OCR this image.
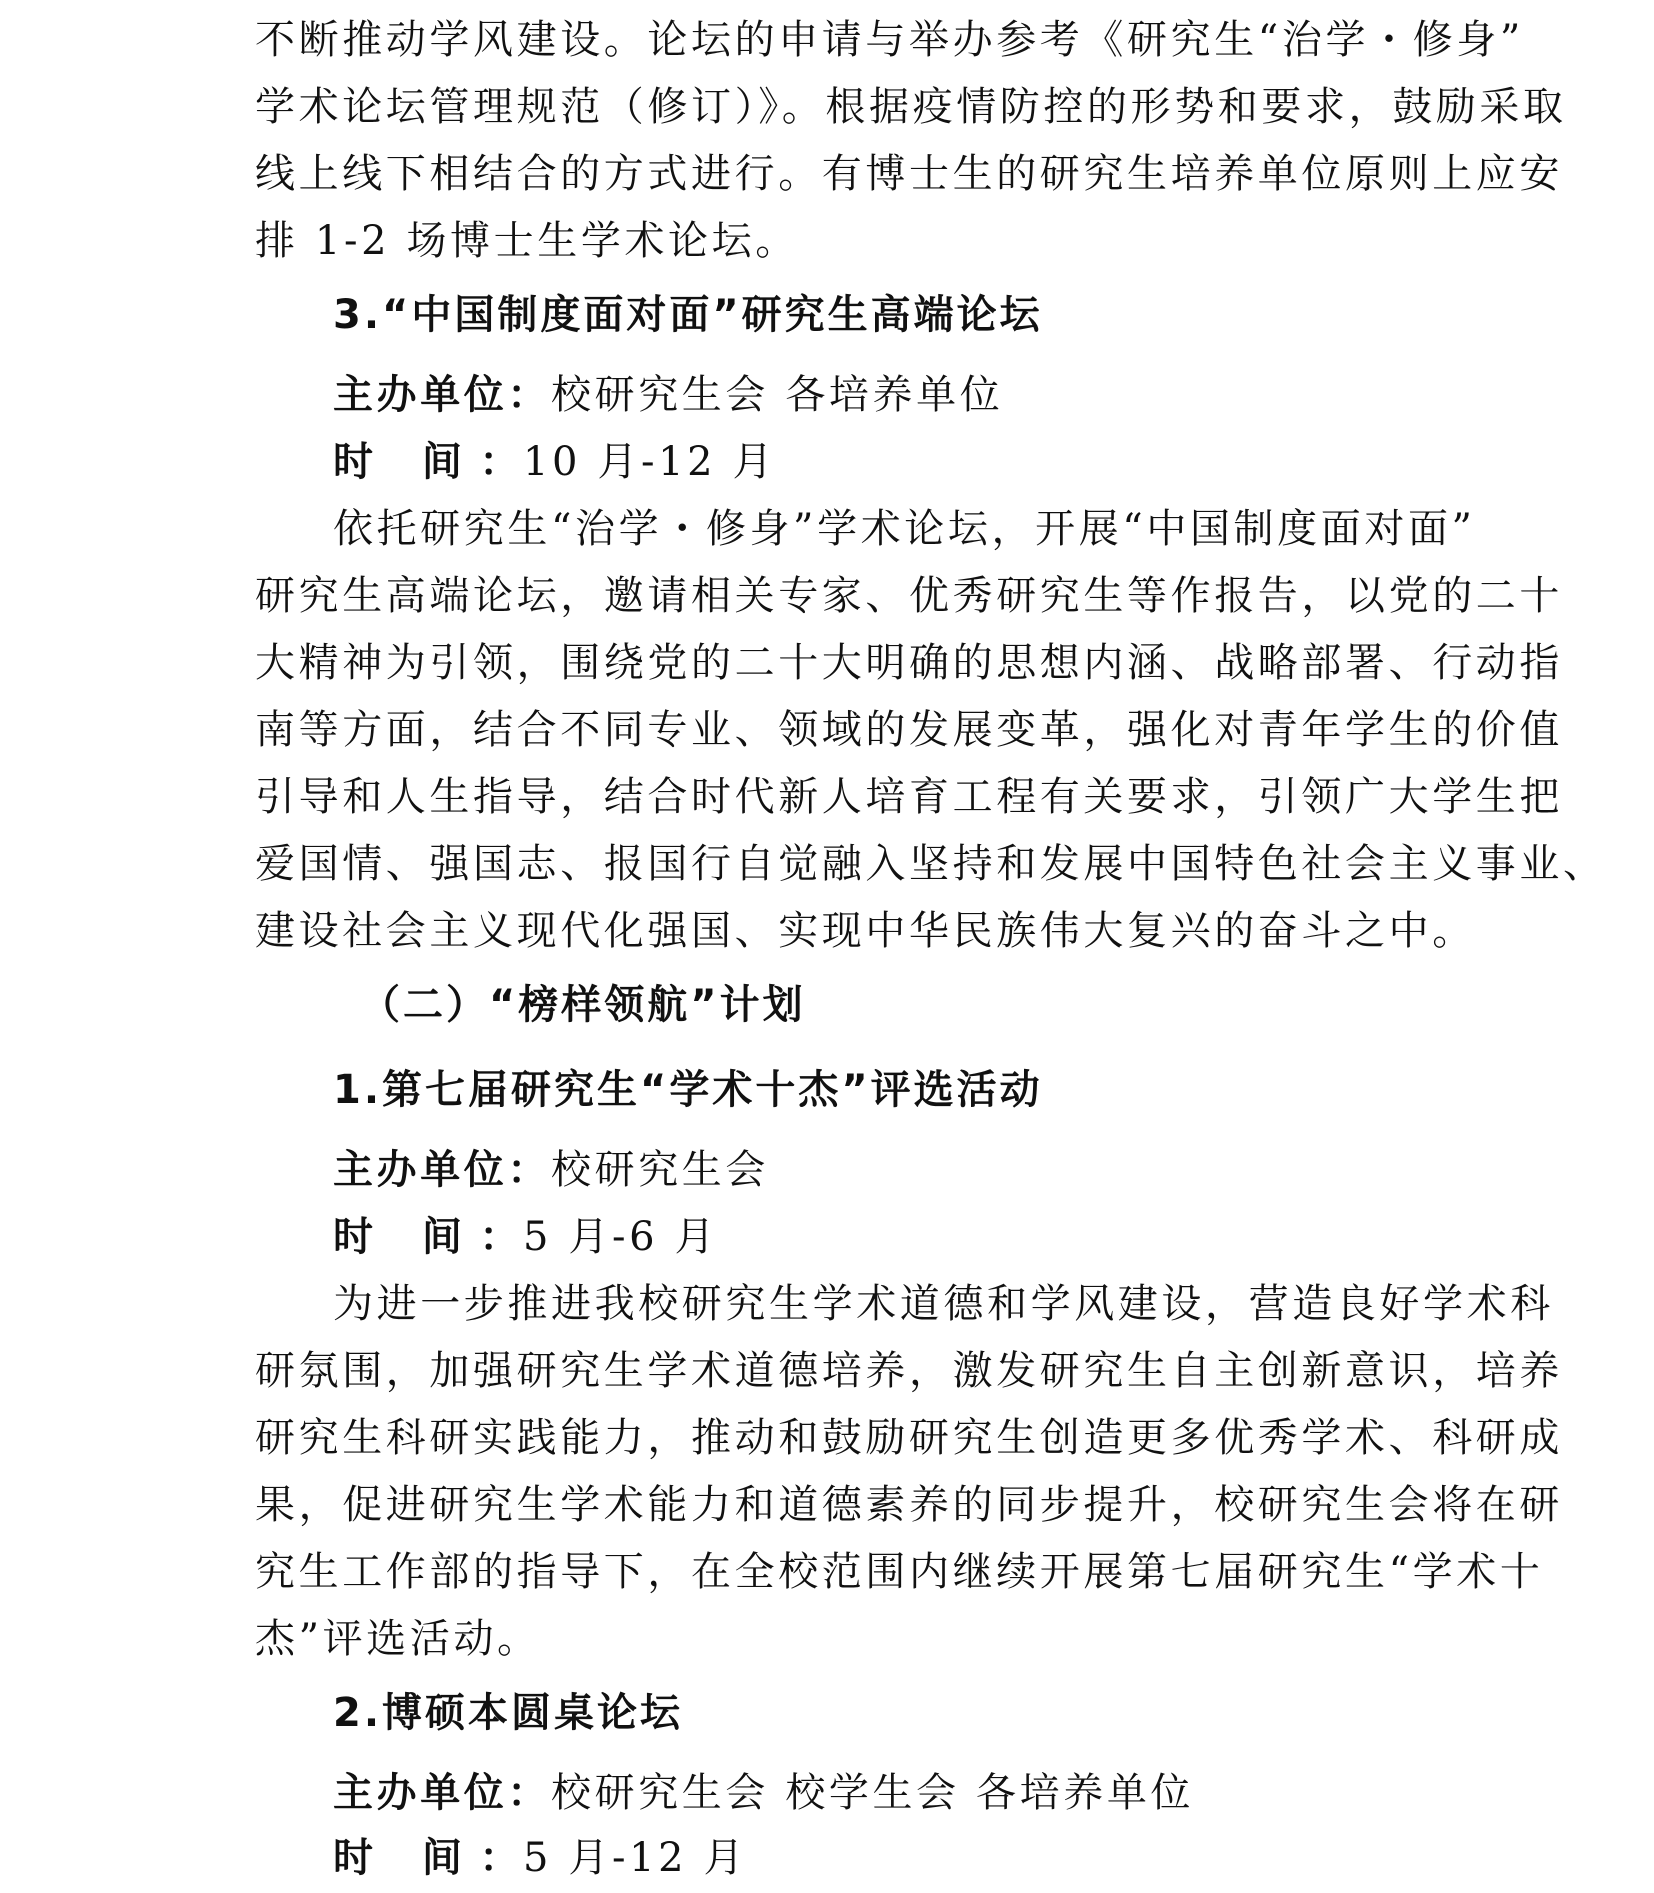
不断推动学风建设。论坛的申请与举办参考《研究生“治学・修身”
学术论坛管理规范（修订）》。根据疫情防控的形势和要求，鼓励采取
线上线下相结合的方式进行。有博士生的研究生培养单位原则上应安
排 1-2 场博士生学术论坛。
3.“中国制度面对面”研究生高端论坛
主办单位：校研究生会 各培养单位
时 间：10 月-12 月
依托研究生“治学・修身”学术论坛，开展“中国制度面对面”
研究生高端论坛，邀请相关专家、优秀研究生等作报告，以党的二十
大精神为引领，围绕党的二十大明确的思想内涵、战略部署、行动指
南等方面，结合不同专业、领域的发展变革，强化对青年学生的价值
引导和人生指导，结合时代新人培育工程有关要求，引领广大学生把
爱国情、强国志、报国行自觉融入坚持和发展中国特色社会主义事业、
建设社会主义现代化强国、实现中华民族伟大复兴的奋斗之中。
（二）“榜样领航”计划
1.第七届研究生“学术十杰”评选活动
主办单位：校研究生会
时 间：5 月-6 月
为进一步推进我校研究生学术道德和学风建设，营造良好学术科
研氛围，加强研究生学术道德培养，激发研究生自主创新意识，培养
研究生科研实践能力，推动和鼓励研究生创造更多优秀学术、科研成
果，促进研究生学术能力和道德素养的同步提升，校研究生会将在研
究生工作部的指导下，在全校范围内继续开展第七届研究生“学术十
杰”评选活动。
2.博硕本圆桌论坛
主办单位：校研究生会 校学生会 各培养单位
时 间：5 月-12 月
